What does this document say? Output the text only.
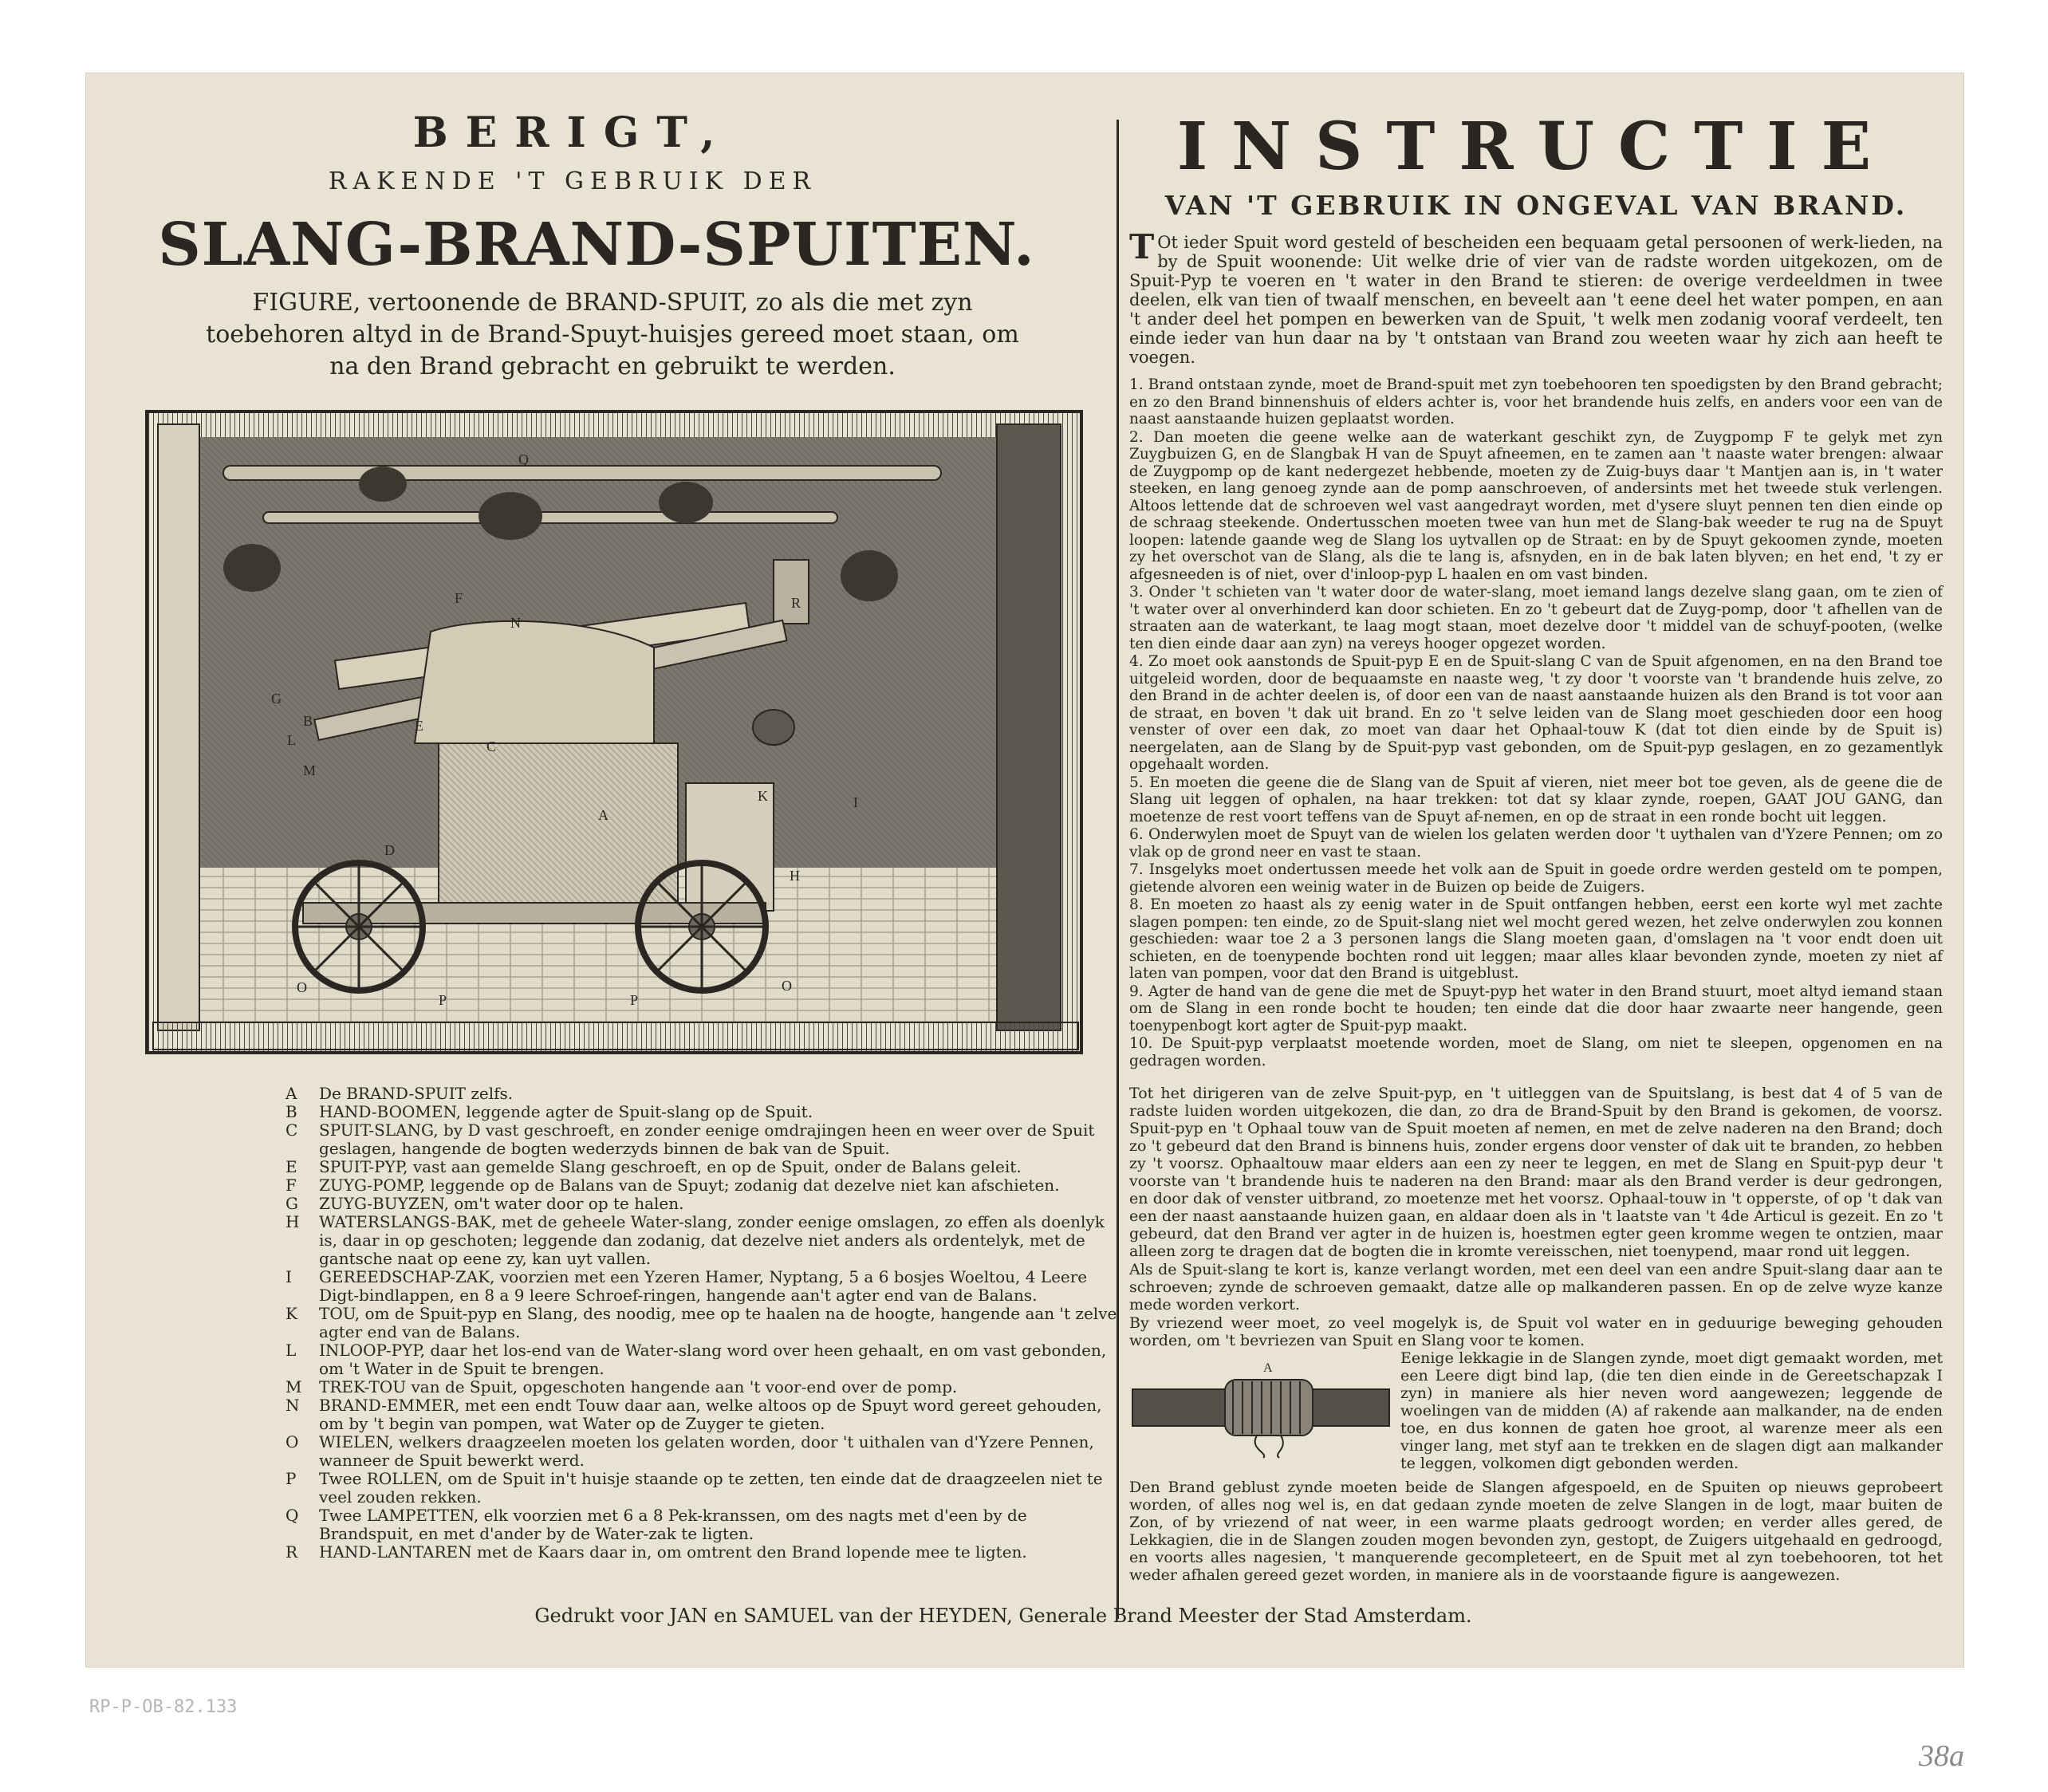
BERIGT,
RAKENDE 'T GEBRUIK DER
SLANG-BRAND-SPUITEN.
FIGURE, vertoonende de BRAND-SPUIT, zo als die met zyn toebehoren altyd in de Brand-Spuyt-huisjes gereed moet staan, om na den Brand gebracht en gebruikt te werden.
Q
F
N
G
L
B	E
C
M
A
K	I
H
D
O
P	P
O
R
A	De BRAND-SPUIT zelfs.
B	HAND-BOOMEN, leggende agter de Spuit-slang op de Spuit.
C	SPUIT-SLANG, by D vast geschroeft, en zonder eenige omdrajingen heen en weer over de Spuit geslagen, hangende de bogten wederzyds binnen de bak van de Spuit.
E	SPUIT-PYP, vast aan gemelde Slang geschroeft, en op de Spuit, onder de Balans geleit.
F	ZUYG-POMP, leggende op de Balans van de Spuyt; zodanig dat dezelve niet kan afschieten.
G	ZUYG-BUYZEN, om't water door op te halen.
H	WATERSLANGS-BAK, met de geheele Water-slang, zonder eenige omslagen, zo effen als doenlyk is, daar in op geschoten; leggende dan zodanig, dat dezelve niet anders als ordentelyk, met de gantsche naat op eene zy, kan uyt vallen.
I	GEREEDSCHAP-ZAK, voorzien met een Yzeren Hamer, Nyptang, 5 a 6 bosjes Woeltou, 4 Leere Digt-bindlappen, en 8 a 9 leere Schroef-ringen, hangende aan't agter end van de Balans.
K	TOU, om de Spuit-pyp en Slang, des noodig, mee op te haalen na de hoogte, hangende aan 't zelve agter end van de Balans.
L	INLOOP-PYP, daar het los-end van de Water-slang word over heen gehaalt, en om vast gebonden, om 't Water in de Spuit te brengen.
M	TREK-TOU van de Spuit, opgeschoten hangende aan 't voor-end over de pomp.
N	BRAND-EMMER, met een endt Touw daar aan, welke altoos op de Spuyt word gereet gehouden, om by 't begin van pompen, wat Water op de Zuyger te gieten.
O	WIELEN, welkers draagzeelen moeten los gelaten worden, door 't uithalen van d'Yzere Pennen, wanneer de Spuit bewerkt werd.
P	Twee ROLLEN, om de Spuit in't huisje staande op te zetten, ten einde dat de draagzeelen niet te veel zouden rekken.
Q	Twee LAMPETTEN, elk voorzien met 6 a 8 Pek-kranssen, om des nagts met d'een by de Brandspuit, en met d'ander by de Water-zak te ligten.
R	HAND-LANTAREN met de Kaars daar in, om omtrent den Brand lopende mee te ligten.
INSTRUCTIE
VAN 'T GEBRUIK IN ONGEVAL VAN BRAND.
T Ot ieder Spuit word gesteld of bescheiden een bequaam getal persoonen of werk-lieden, na by de Spuit woonende: Uit welke drie of vier van de radste worden uitgekozen, om de Spuit-Pyp te voeren en 't water in den Brand te stieren: de overige verdeeldmen in twee deelen, elk van tien of twaalf menschen, en beveelt aan 't eene deel het water pompen, en aan 't ander deel het pompen en bewerken van de Spuit, 't welk men zodanig vooraf verdeelt, ten einde ieder van hun daar na by 't ontstaan van Brand zou weeten waar hy zich aan heeft te voegen.

1. Brand ontstaan zynde, moet de Brand-spuit met zyn toebehooren ten spoedigsten by den Brand gebracht; en zo den Brand binnenshuis of elders achter is, voor het brandende huis zelfs, en anders voor een van de naast aanstaande huizen geplaatst worden.

2. Dan moeten die geene welke aan de waterkant geschikt zyn, de Zuygpomp F te gelyk met zyn Zuygbuizen G, en de Slangbak H van de Spuyt afneemen, en te zamen aan 't naaste water brengen: alwaar de Zuygpomp op de kant nedergezet hebbende, moeten zy de Zuig-buys daar 't Mantjen aan is, in 't water steeken, en lang genoeg zynde aan de pomp aanschroeven, of andersints met het tweede stuk verlengen. Altoos lettende dat de schroeven wel vast aangedrayt worden, met d'ysere sluyt pennen ten dien einde op de schraag steekende. Ondertusschen moeten twee van hun met de Slang-bak weeder te rug na de Spuyt loopen: latende gaande weg de Slang los uytvallen op de Straat: en by de Spuyt gekoomen zynde, moeten zy het overschot van de Slang, als die te lang is, afsnyden, en in de bak laten blyven; en het end, 't zy er afgesneeden is of niet, over d'inloop-pyp L haalen en om vast binden.

3. Onder 't schieten van 't water door de water-slang, moet iemand langs dezelve slang gaan, om te zien of 't water over al onverhinderd kan door schieten. En zo 't gebeurt dat de Zuyg-pomp, door 't afhellen van de straaten aan de waterkant, te laag mogt staan, moet dezelve door 't middel van de schuyf-pooten, (welke ten dien einde daar aan zyn) na vereys hooger opgezet worden.

4. Zo moet ook aanstonds de Spuit-pyp E en de Spuit-slang C van de Spuit afgenomen, en na den Brand toe uitgeleid worden, door de bequaamste en naaste weg, 't zy door 't voorste van 't brandende huis zelve, zo den Brand in de achter deelen is, of door een van de naast aanstaande huizen als den Brand is tot voor aan de straat, en boven 't dak uit brand. En zo 't selve leiden van de Slang moet geschieden door een hoog venster of over een dak, zo moet van daar het Ophaal-touw K (dat tot dien einde by de Spuit is) neergelaten, aan de Slang by de Spuit-pyp vast gebonden, om de Spuit-pyp geslagen, en zo gezamentlyk opgehaalt worden.

5. En moeten die geene die de Slang van de Spuit af vieren, niet meer bot toe geven, als de geene die de Slang uit leggen of ophalen, na haar trekken: tot dat sy klaar zynde, roepen, GAAT JOU GANG, dan moetenze de rest voort teffens van de Spuyt af-nemen, en op de straat in een ronde bocht uit leggen.

6. Onderwylen moet de Spuyt van de wielen los gelaten werden door 't uythalen van d'Yzere Pennen; om zo vlak op de grond neer en vast te staan.

7. Insgelyks moet ondertussen meede het volk aan de Spuit in goede ordre werden gesteld om te pompen, gietende alvoren een weinig water in de Buizen op beide de Zuigers.

8. En moeten zo haast als zy eenig water in de Spuit ontfangen hebben, eerst een korte wyl met zachte slagen pompen: ten einde, zo de Spuit-slang niet wel mocht gered wezen, het zelve onderwylen zou konnen geschieden: waar toe 2 a 3 personen langs die Slang moeten gaan, d'omslagen na 't voor endt doen uit schieten, en de toenypende bochten rond uit leggen; maar alles klaar bevonden zynde, moeten zy niet af laten van pompen, voor dat den Brand is uitgeblust.

9. Agter de hand van de gene die met de Spuyt-pyp het water in den Brand stuurt, moet altyd iemand staan om de Slang in een ronde bocht te houden; ten einde dat die door haar zwaarte neer hangende, geen toenypenbogt kort agter de Spuit-pyp maakt.

10. De Spuit-pyp verplaatst moetende worden, moet de Slang, om niet te sleepen, opgenomen en na gedragen worden.

Tot het dirigeren van de zelve Spuit-pyp, en 't uitleggen van de Spuitslang, is best dat 4 of 5 van de radste luiden worden uitgekozen, die dan, zo dra de Brand-Spuit by den Brand is gekomen, de voorsz. Spuit-pyp en 't Ophaal touw van de Spuit moeten af nemen, en met de zelve naderen na den Brand; doch zo 't gebeurd dat den Brand is binnens huis, zonder ergens door venster of dak uit te branden, zo hebben zy 't voorsz. Ophaaltouw maar elders aan een zy neer te leggen, en met de Slang en Spuit-pyp deur 't voorste van 't brandende huis te naderen na den Brand: maar als den Brand verder is deur gedrongen, en door dak of venster uitbrand, zo moetenze met het voorsz. Ophaal-touw in 't opperste, of op 't dak van een der naast aanstaande huizen gaan, en aldaar doen als in 't laatste van 't 4de Articul is gezeit. En zo 't gebeurd, dat den Brand ver agter in de huizen is, hoestmen egter geen kromme wegen te ontzien, maar alleen zorg te dragen dat de bogten die in kromte vereisschen, niet toenypend, maar rond uit leggen.

Als de Spuit-slang te kort is, kanze verlangt worden, met een deel van een andre Spuit-slang daar aan te schroeven; zynde de schroeven gemaakt, datze alle op malkanderen passen. En op de zelve wyze kanze mede worden verkort.

By vriezend weer moet, zo veel mogelyk is, de Spuit vol water en in geduurige beweging gehouden worden, om 't bevriezen van Spuit en Slang voor te komen.

A
Eenige lekkagie in de Slangen zynde, moet digt gemaakt worden, met een Leere digt bind lap, (die ten dien einde in de Gereetschapzak I zyn) in maniere als hier neven word aangewezen; leggende de woelingen van de midden (A) af rakende aan malkander, na de enden toe, en dus konnen de gaten hoe groot, al warenze meer als een vinger lang, met styf aan te trekken en de slagen digt aan malkander te leggen, volkomen digt gebonden werden.
Den Brand geblust zynde moeten beide de Slangen afgespoeld, en de Spuiten op nieuws geprobeert worden, of alles nog wel is, en dat gedaan zynde moeten de zelve Slangen in de logt, maar buiten de Zon, of by vriezend of nat weer, in een warme plaats gedroogt worden; en verder alles gered, de Lekkagien, die in de Slangen zouden mogen bevonden zyn, gestopt, de Zuigers uitgehaald en gedroogd, en voorts alles nagesien, 't manquerende gecompleteert, en de Spuit met al zyn toebehooren, tot het weder afhalen gereed gezet worden, in maniere als in de voorstaande figure is aangewezen.
Gedrukt voor JAN en SAMUEL van der HEYDEN, Generale Brand Meester der Stad Amsterdam.
RP-P-OB-82.133
38a
